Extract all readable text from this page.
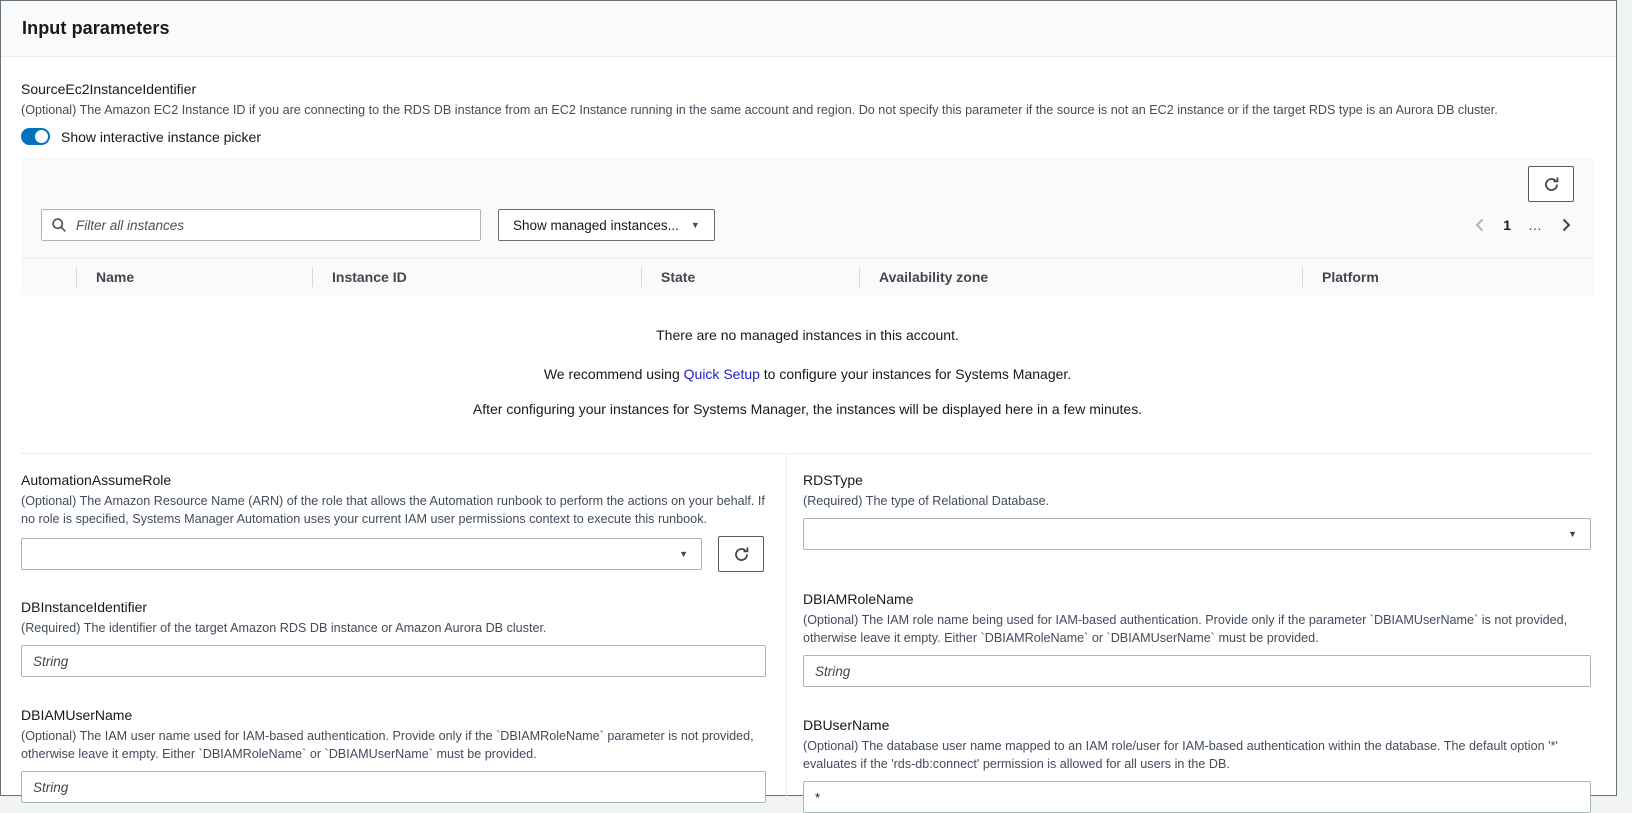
Input parameters
SourceEc2InstanceIdentifier
(Optional) The Amazon EC2 Instance ID if you are connecting to the RDS DB instance from an EC2 Instance running in the same account and region. Do not specify this parameter if the source is not an EC2 instance or if the target RDS type is an Aurora DB cluster.
Show interactive instance picker
Filter all instances
Show managed instances... ▼	1 …
Name	Instance ID	State	Availability zone	Platform
There are no managed instances in this account.
We recommend using Quick Setup to configure your instances for Systems Manager.
After configuring your instances for Systems Manager, the instances will be displayed here in a few minutes.
AutomationAssumeRole
(Optional) The Amazon Resource Name (ARN) of the role that allows the Automation runbook to perform the actions on your behalf. If no role is specified, Systems Manager Automation uses your current IAM user permissions context to execute this runbook.
▼
DBInstanceIdentifier
(Required) The identifier of the target Amazon RDS DB instance or Amazon Aurora DB cluster.
String
DBIAMUserName
(Optional) The IAM user name used for IAM-based authentication. Provide only if the `DBIAMRoleName` parameter is not provided, otherwise leave it empty. Either `DBIAMRoleName` or `DBIAMUserName` must be provided.
String
RDSType
(Required) The type of Relational Database.
▼
DBIAMRoleName
(Optional) The IAM role name being used for IAM-based authentication. Provide only if the parameter `DBIAMUserName` is not provided, otherwise leave it empty. Either `DBIAMRoleName` or `DBIAMUserName` must be provided.
String
DBUserName
(Optional) The database user name mapped to an IAM role/user for IAM-based authentication within the database. The default option '*' evaluates if the 'rds-db:connect' permission is allowed for all users in the DB.
*
